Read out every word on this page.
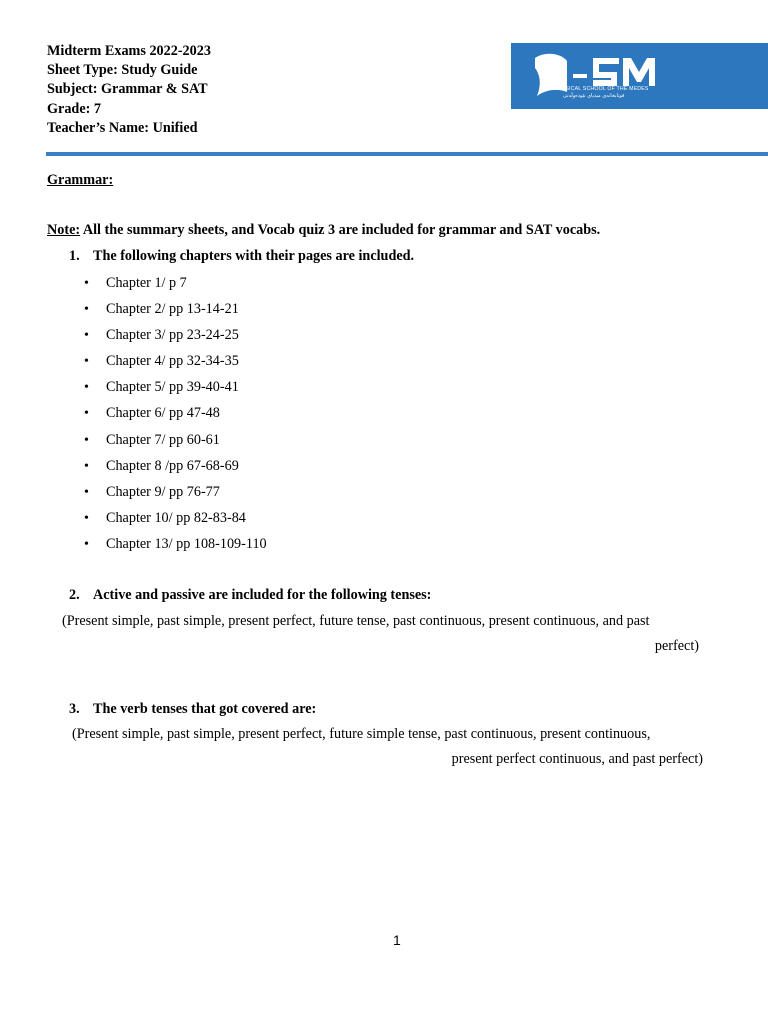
Midterm Exams 2022-2023
Sheet Type: Study Guide
Subject: Grammar & SAT
Grade: 7
Teacher’s Name: Unified
CLASSICAL SCHOOL OF THE MEDES
قوتابخانەی میدیای نێودەوڵەتی
Grammar:
Note: All the summary sheets, and Vocab quiz 3 are included for grammar and SAT vocabs.
1. The following chapters with their pages are included.
• Chapter 1/ p 7
• Chapter 2/ pp 13-14-21
• Chapter 3/ pp 23-24-25
• Chapter 4/ pp 32-34-35
• Chapter 5/ pp 39-40-41
• Chapter 6/ pp 47-48
• Chapter 7/ pp 60-61
• Chapter 8 /pp 67-68-69
• Chapter 9/ pp 76-77
• Chapter 10/ pp 82-83-84
• Chapter 13/ pp 108-109-110
2. Active and passive are included for the following tenses:
(Present simple, past simple, present perfect, future tense, past continuous, present continuous, and past
perfect)
3. The verb tenses that got covered are:
(Present simple, past simple, present perfect, future simple tense, past continuous, present continuous,
present perfect continuous, and past perfect)
1
